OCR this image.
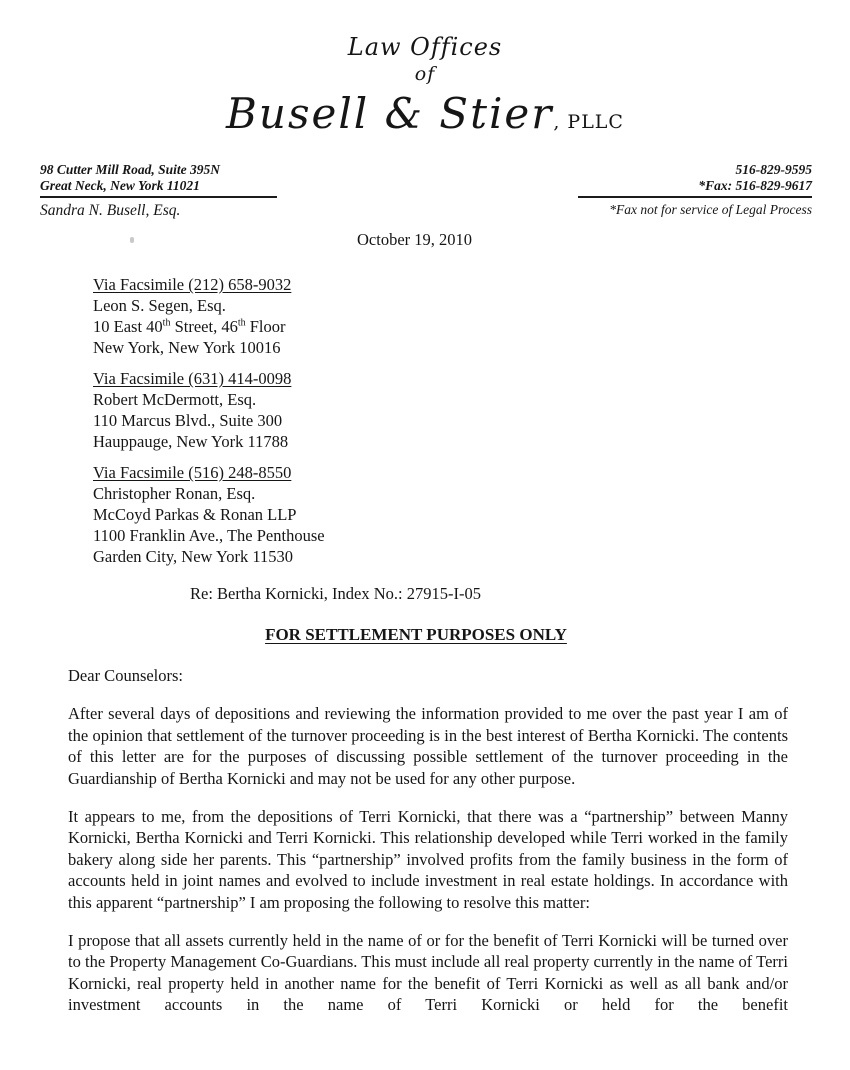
Law Offices
of
Busell & Stier, PLLC
98 Cutter Mill Road, Suite 395N
Great Neck, New York 11021
Sandra N. Busell, Esq.
516-829-9595
*Fax: 516-829-9617
*Fax not for service of Legal Process
October 19, 2010
Via Facsimile (212) 658-9032
Leon S. Segen, Esq.
10 East 40th Street, 46th Floor
New York, New York 10016
Via Facsimile (631) 414-0098
Robert McDermott, Esq.
110 Marcus Blvd., Suite 300
Hauppauge, New York 11788
Via Facsimile (516) 248-8550
Christopher Ronan, Esq.
McCoyd Parkas & Ronan LLP
1100 Franklin Ave., The Penthouse
Garden City, New York 11530
Re: Bertha Kornicki, Index No.: 27915-I-05
FOR SETTLEMENT PURPOSES ONLY
Dear Counselors:

After several days of depositions and reviewing the information provided to me over the past year I am of the opinion that settlement of the turnover proceeding is in the best interest of Bertha Kornicki. The contents of this letter are for the purposes of discussing possible settlement of the turnover proceeding in the Guardianship of Bertha Kornicki and may not be used for any other purpose.

It appears to me, from the depositions of Terri Kornicki, that there was a “partnership” between Manny Kornicki, Bertha Kornicki and Terri Kornicki. This relationship developed while Terri worked in the family bakery along side her parents. This “partnership” involved profits from the family business in the form of accounts held in joint names and evolved to include investment in real estate holdings. In accordance with this apparent “partnership” I am proposing the following to resolve this matter:

I propose that all assets currently held in the name of or for the benefit of Terri Kornicki will be turned over to the Property Management Co-Guardians. This must include all real property currently in the name of Terri Kornicki, real property held in another name for the benefit of Terri Kornicki as well as all bank and/or investment accounts in the name of Terri Kornicki or held for the benefit
